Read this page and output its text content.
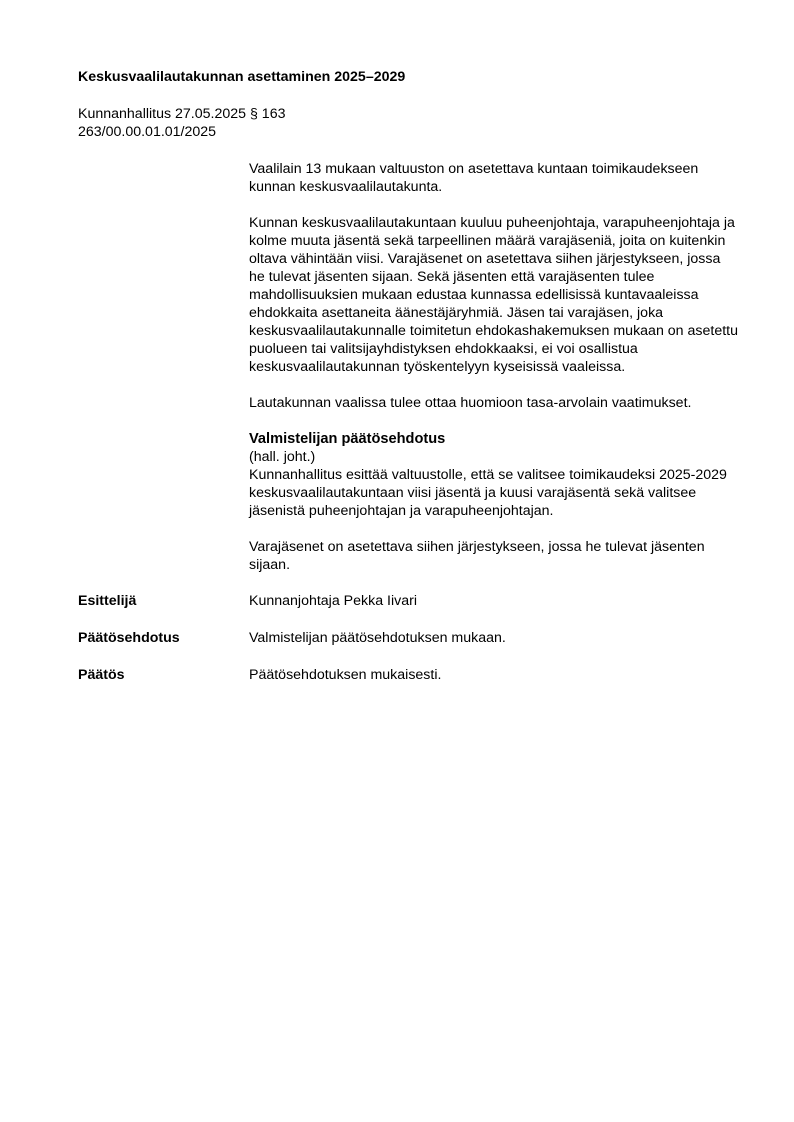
Keskusvaalilautakunnan asettaminen 2025–2029
Kunnanhallitus 27.05.2025 § 163
263/00.00.01.01/2025

Vaalilain 13 mukaan valtuuston on asetettava kuntaan toimikaudekseen kunnan keskusvaalilautakunta.

Kunnan keskusvaalilautakuntaan kuuluu puheenjohtaja, varapuheenjohtaja ja kolme muuta jäsentä sekä tarpeellinen määrä varajäseniä, joita on kuitenkin oltava vähintään viisi. Varajäsenet on asetettava siihen järjestykseen, jossa he tulevat jäsenten sijaan. Sekä jäsenten että varajäsenten tulee mahdollisuuksien mukaan edustaa kunnassa edellisissä kuntavaaleissa ehdokkaita asettaneita äänestäjäryhmiä. Jäsen tai varajäsen, joka keskusvaalilautakunnalle toimitetun ehdokashakemuksen mukaan on asetettu puolueen tai valitsijayhdistyksen ehdokkaaksi, ei voi osallistua keskusvaalilautakunnan työskentelyyn kyseisissä vaaleissa.

Lautakunnan vaalissa tulee ottaa huomioon tasa-arvolain vaatimukset.

Valmistelijan päätösehdotus
(hall. joht.)
Kunnanhallitus esittää valtuustolle, että se valitsee toimikaudeksi 2025-2029 keskusvaalilautakuntaan viisi jäsentä ja kuusi varajäsentä sekä valitsee jäsenistä puheenjohtajan ja varapuheenjohtajan.

Varajäsenet on asetettava siihen järjestykseen, jossa he tulevat jäsenten sijaan.

Esittelijä	Kunnanjohtaja Pekka Iivari
Päätösehdotus	Valmistelijan päätösehdotuksen mukaan.
Päätös	Päätösehdotuksen mukaisesti.
